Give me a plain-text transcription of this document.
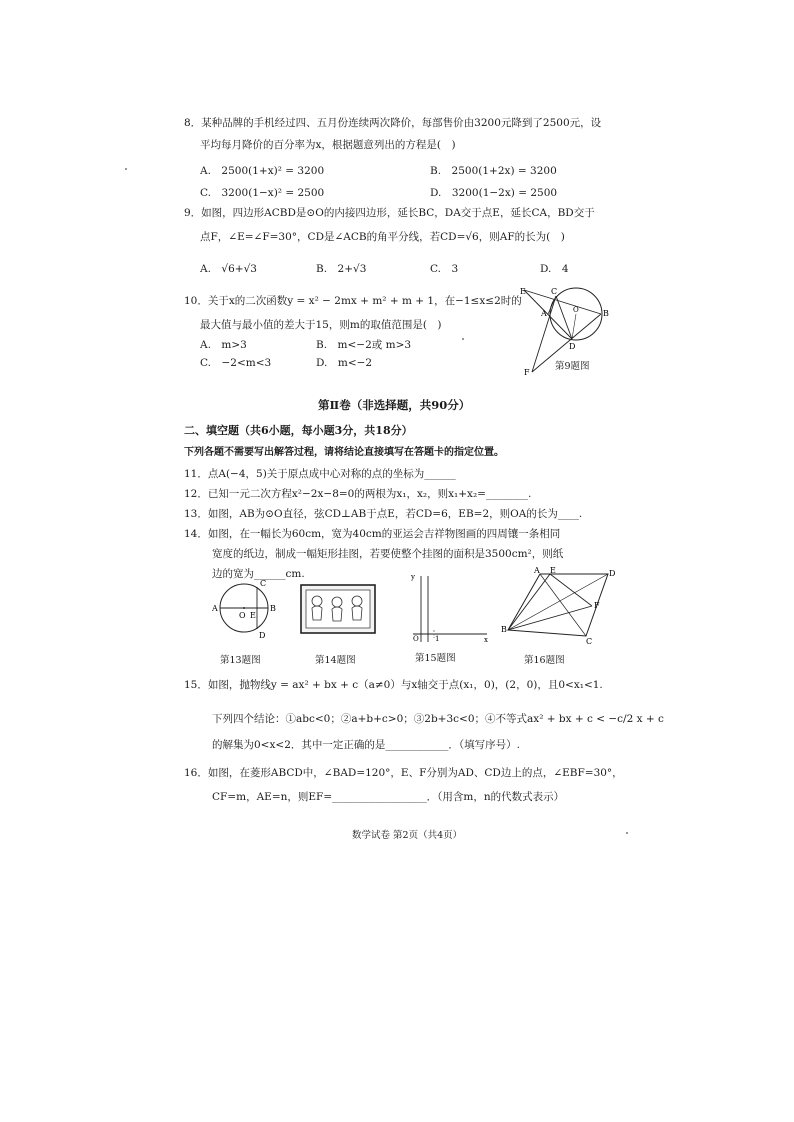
8．某种品牌的手机经过四、五月份连续两次降价，每部售价由3200元降到了2500元，设
平均每月降价的百分率为x，根据题意列出的方程是(　)
A.　2500(1+x)² = 3200	B.　2500(1+2x) = 3200
C.　3200(1−x)² = 2500	D.　3200(1−2x) = 2500
9．如图，四边形ACBD是⊙O的内接四边形，延长BC，DA交于点E，延长CA，BD交于
点F，∠E=∠F=30°，CD是∠ACB的角平分线，若CD=√6，则AF的长为(　)
A.　√6+√3	B.　2+√3	C.　3	D.　4
E	C
A	O	B
D
F
第9题图
10．关于x的二次函数y = x² − 2mx + m² + m + 1，在−1≤x≤2时的
最大值与最小值的差大于15，则m的取值范围是(　)
A.　m>3	B.　m<−2或 m>3
C.　−2<m<3	D.　m<−2
第Ⅱ卷（非选择题，共90分）
二、填空题（共6小题，每小题3分，共18分）
下列各题不需要写出解答过程，请将结论直接填写在答题卡的指定位置。
11．点A(−4，5)关于原点成中心对称的点的坐标为______
12．已知一元二次方程x²−2x−8=0的两根为x₁，x₂，则x₁+x₂=________.
13．如图，AB为⊙O直径，弦CD⊥AB于点E，若CD=6，EB=2，则OA的长为____.
14．如图，在一幅长为60cm，宽为40cm的亚运会吉祥物图画的四周镶一条相同
宽度的纸边，制成一幅矩形挂图，若要使整个挂图的面积是3500cm²，则纸
边的宽为______cm.
C
A
O E
B
D
第13题图	第14题图
y
O 1	x
第15题图
A E	D
F
B
C
第16题图
15．如图，抛物线y = ax² + bx + c（a≠0）与x轴交于点(x₁，0)，(2，0)，且0<x₁<1.
下列四个结论：①abc<0；②a+b+c>0；③2b+3c<0；④不等式ax² + bx + c < −c/2 x + c
的解集为0<x<2．其中一定正确的是____________．（填写序号）.
16．如图，在菱形ABCD中，∠BAD=120°，E、F分别为AD、CD边上的点，∠EBF=30°，
CF=m，AE=n，则EF=__________________．（用含m，n的代数式表示）
数学试卷 第2页（共4页）
